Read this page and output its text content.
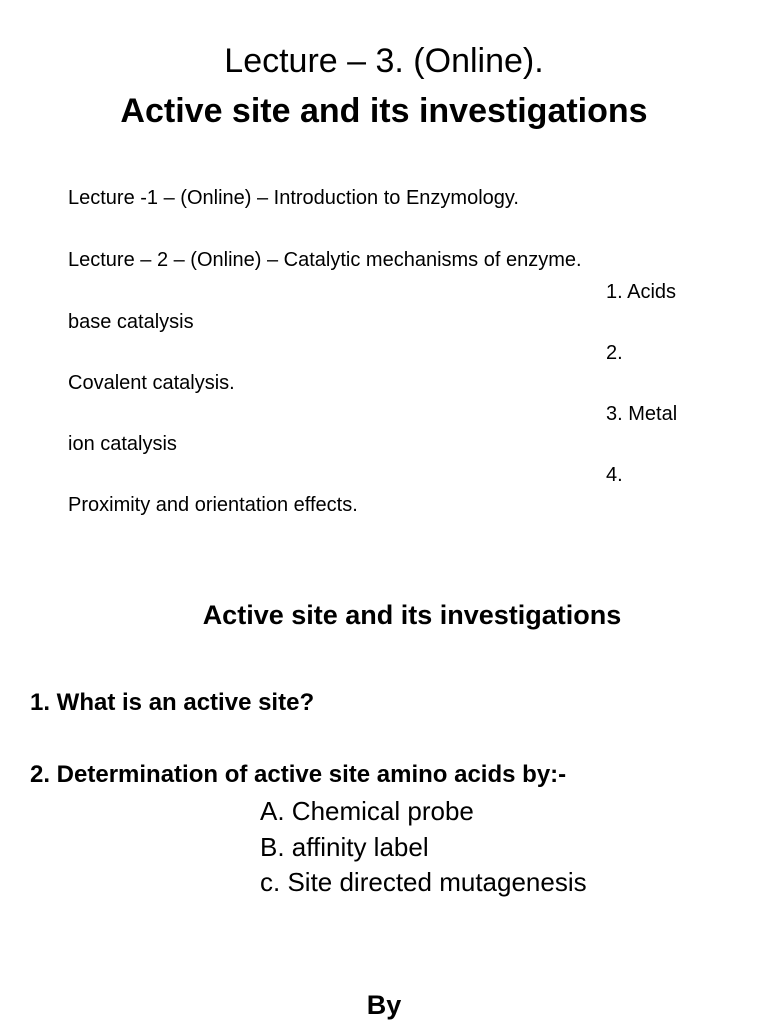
Lecture – 3. (Online).
Active site and its investigations
Lecture -1 – (Online) – Introduction to Enzymology.
Lecture – 2 – (Online) – Catalytic mechanisms of enzyme.
1. Acids
base catalysis
2.
Covalent catalysis.
3. Metal
ion catalysis
4.
Proximity and orientation effects.
Active site and its investigations
1. What is an active site?
2. Determination of active site amino acids by:-
A. Chemical probe
B. affinity label
c. Site directed mutagenesis
By
